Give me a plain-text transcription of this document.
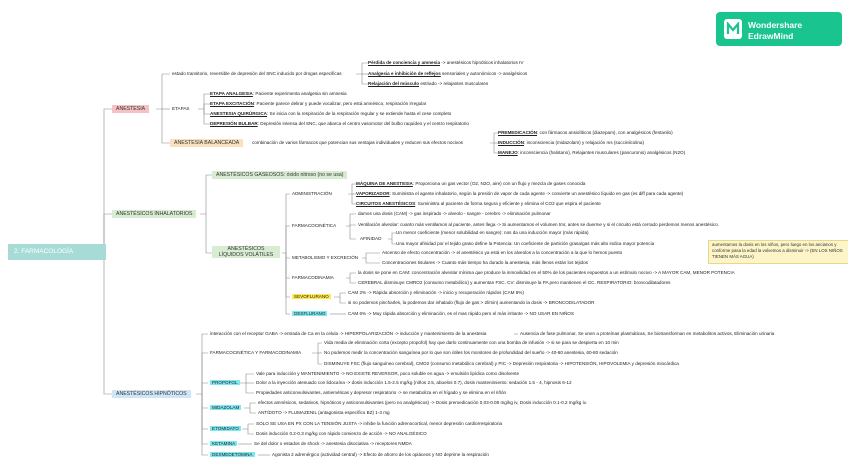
2. FARMACOLOGÍA
Wondershare
EdrawMind
ANESTESIA
estado transitorio, reversible de depresión del SNC inducido por drogas especificas
Pérdida de conciencia y amnesia -> anestésicos hipnóticos inhalatorios IV
Analgesia e inhibición de reflejos sensoriales y autonómicos -> analgésicos
Relajación del músculo estriado -> relajantes musculares
ETAPAS
ETAPA ANALGESIA: Paciente experimenta analgesia sin amnesia
ETAPA EXCITACIÓN: Paciente parece delirar y puede vocalizar, pero está amnésico, respiración irregular
ANESTESIA QUIRÚRGICA: Se inicia con la respiración de la respiración regular y se extiende hasta el cese completo
DEPRESIÓN BULBAR: Depresión intensa del SNC, que abarca el centro vasomotor del bulbo raquídeo y el centro respiratorio
ANESTESIA BALANCEADA	combinación de varios fármacos que potencian sus ventajas individuales y reducen sus efectos nocivos
PREMEDICACIÓN: con fármacos ansiolíticos (diazepam), con analgésicos (fentanilo)
INDUCCIÓN: inconsciencia (midazolam) y relajación ms (succinilcolina)
MANEJO: inconsciencia (halotano), Relajantes musculares (pancuronio) analgésicos (N2O)
ANESTÉSICOS INHALATORIOS
ANESTÉSICOS GASEOSOS: óxido nitroso (no se usa)
ANESTÉSICOS LÍQUIDOS VOLÁTILES
ADMINISTRACIÓN
MÁQUINA DE ANESTESIA: Proporciona un gas vector (O2, N2O, aire) con un flujo y mezcla de gases conocida
VAPORIZADOR: Suministra el agente inhalatorio, según la presión de vapor de cada agente -> convierte un anestésico líquido en gas (es diff para cada agente)
CIRCUITOS ANESTÉSICOS: Suministra al paciente de forma segura y eficiente y elimina el CO2 que espira el paciente
FARMACOCINÉTICA
damos una dosis (CAM) -> gas inspirado -> alveolo - sangre - cerebro -> eliminación pulmonar
Ventilación alveolar: cuanto más ventilamos al paciente, antes llega -> Si aumentamos el volumen tmr, antes se duerme y si el circuito está cerrado perdemos menos anestésico.
AFINIDAD
Un menor coeficiente (menor solubilidad en sangre): nos da una inducción mayor (más rápida)
Una mayor afinidad por el tejido graso define la Potencia: Un coeficiente de partición grasa/gas más alto indica mayor potencia
METABOLISMO Y EXCRECIÓN
Ascenso de efecto concentración -> el anestésico ya está en los alveolos a la concentración a la que lo hemos puesto
Concentraciones tisulares -> Cuanto más tiempo ha durado la anestesia, más llenos están los tejidos
FARMACODINAMIA
la dosis se pone en CAM: concentración alveolar mínima que produce la inmovilidad en el 50% de los pacientes expuestos a un estímulo nocivo -> A MAYOR CAM, MENOR POTENCIA
CEREBRAL disminuye CMRO2 (consumo metabólico) y aumentan FSC. CV: disminuye la PA pero mantienen el GC. RESPIRATORIO: broncodilatadores
SEVOFLURANO
CAM 2% -> Rápida absorción y eliminación -> inicio y recuperación rápidos (CAM 8%)
si no podemos pincharles, la podemos dar inhalado (flujo de gas > 2l/min) aumentando la dosis -> BRONCODILATADOR
DESFLURANO	CAM 6% -> Muy rápida absorción y eliminación, es el mas rápido pero el más irritante -> NO USAR EN NIÑOS
aumentamos la dosis en los niños, pero luego en los ancianos y conforme pasa la edad la volvemos a disminuir -> (EN LOS NIÑOS TIENEN MÁS AGUA)
ANESTÉSICOS HIPNÓTICOS
interacción con el receptor GABA -> entrada de Ca en la celula -> HIPERPOLARIZACIÓN -> inducción y mantenimiento de la anestesia	Ausencia de fase pulmonar, Se unen a proteínas plasmáticas, Se biotransforman en metabolitos activos, Eliminación urinaria
FARMACOCINÉTICA Y FARMACODINAMIA
Vida media de eliminación corta (excepto propofol) hay que darlo continuamente con una bomba de infusión -> si se para se despierta en 10 min
No podemos medir la concentración sanguínea por lo que son útiles los monitores de profundidad del sueño -> 40-60 anestesia, 60-80 sedación
DISMINUYE FSC (flujo sanguíneo cerebral), CMO2 (consumo metabólico cerebral) y PIC -> Depresión respiratoria -> HIPOTENSIÓN, HIPOVOLEMIA y depresión miocárdica
PROPOFOL
Vale para inducción y MANTENIMIENTO -> NO EXISTE REVERSOR, poco soluble en agua -> emulsión lipídica como disolvente
Dolor a la inyección atenuado con lidocaína -> dosis inducción 1.5-2.5 mg/kg (niños 2.5, abuelos 0.7), dosis mantenimiento: sedación 1.5 - 4, hipnosis 6-12
Propiedades anticonvulsivantes, antieméticas y depresor respiratorio -> se metaboliza en el hígado y se elimina en el riñón
MIDAZOLAM
efectos amnésicos, sedativos, hipnóticos y anticonvulsivantes (pero no analgésicos) -> Dosis premedicación 0.03-0.08 mg/kg iv, Dosis inducción 0.1-0.2 mg/kg iv.
ANTÍDOTO -> FLUMAZENIL (antagonista específico BZ) 1-3 mg
ETOMIDATO
SOLO SE USA EN PX CON LA TENSIÓN JUSTA -> inhibe la función adrenocortical, menor depresión cardiorrespiratoria
Dosis inducción 0.2-0.3 mg/kg con rápido comienzo de acción -> NO ANALGÉSICO
KETAMINA	Se del dolor o estados de shock -> anestesia disociativa -> receptores NMDA
DEXMEDETOMINA	Agonista 2 adrenérgico (actividad central) -> Efecto de ahorro de los opiáceos y NO deprime la respiración
